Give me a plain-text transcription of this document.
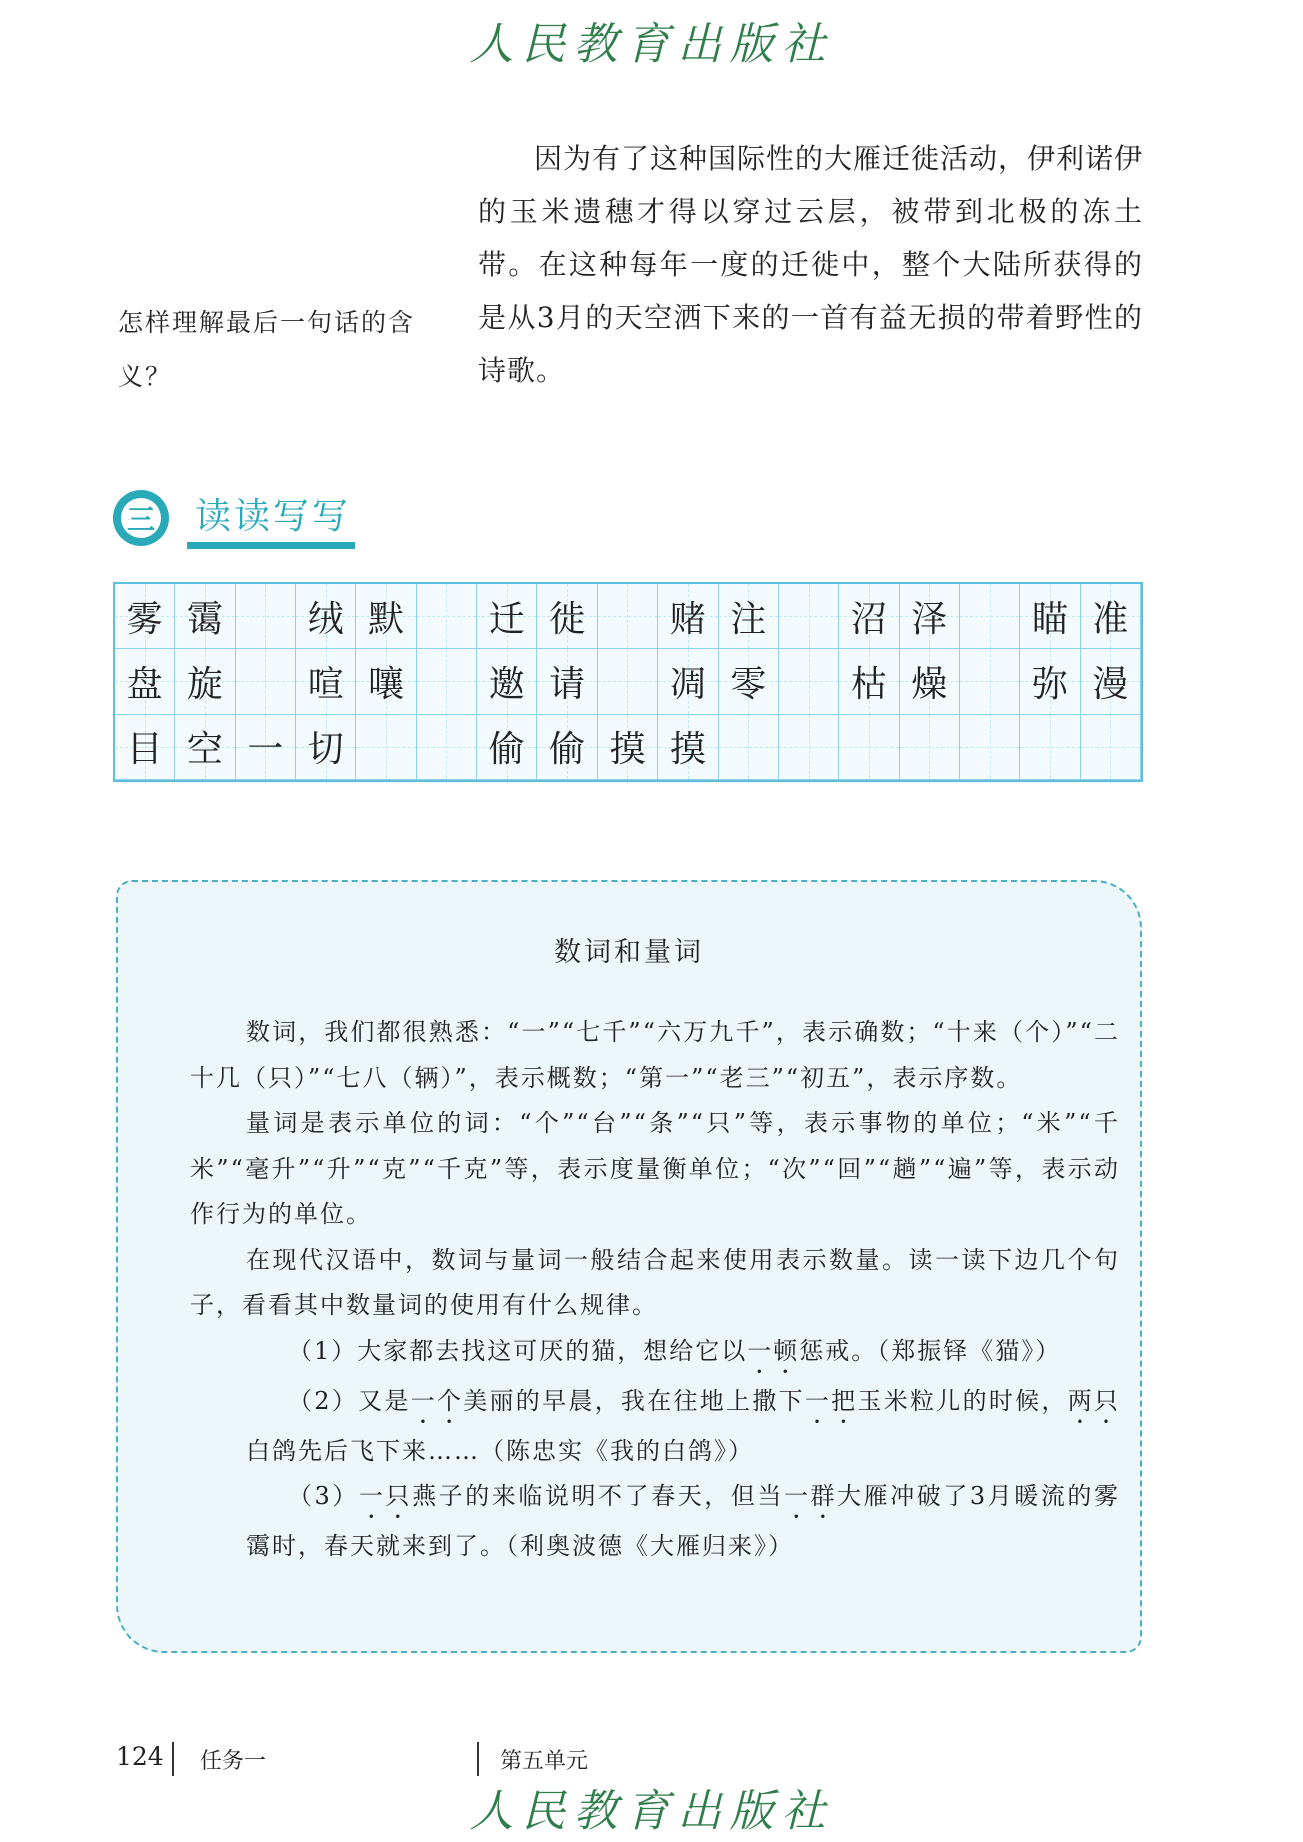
人民教育出版社
怎样理解最后一句话的含义？
因为有了这种国际性的大雁迁徙活动，伊利诺伊的玉米遗穗才得以穿过云层，被带到北极的冻土带。在这种每年一度的迁徙中，整个大陆所获得的是从3月的天空洒下来的一首有益无损的带着野性的诗歌。
三 读读写写
雾 霭 绒 默 迁 徙 赌 注 沼 泽 瞄 准
盘 旋 喧 嚷 邀 请 凋 零 枯 燥 弥 漫
目 空 一 切	偷 偷 摸 摸
数词和量词

数词，我们都很熟悉：“一”“七千”“六万九千”，表示确数；“十来（个）”“二十几（只）”“七八（辆）”，表示概数；“第一”“老三”“初五”，表示序数。

量词是表示单位的词：“个”“台”“条”“只”等，表示事物的单位；“米”“千米”“毫升”“升”“克”“千克”等，表示度量衡单位；“次”“回”“趟”“遍”等，表示动作行为的单位。

在现代汉语中，数词与量词一般结合起来使用表示数量。读一读下边几个句子，看看其中数量词的使用有什么规律。

（1）大家都去找这可厌的猫，想给它以一顿惩戒。（郑振铎《猫》）

（2）又是一个美丽的早晨，我在往地上撒下一把玉米粒儿的时候，两只白鸽先后飞下来……（陈忠实《我的白鸽》）

（3）一只燕子的来临说明不了春天，但当一群大雁冲破了3月暖流的雾霭时，春天就来到了。（利奥波德《大雁归来》）

124 任务一	第五单元
人民教育出版社
